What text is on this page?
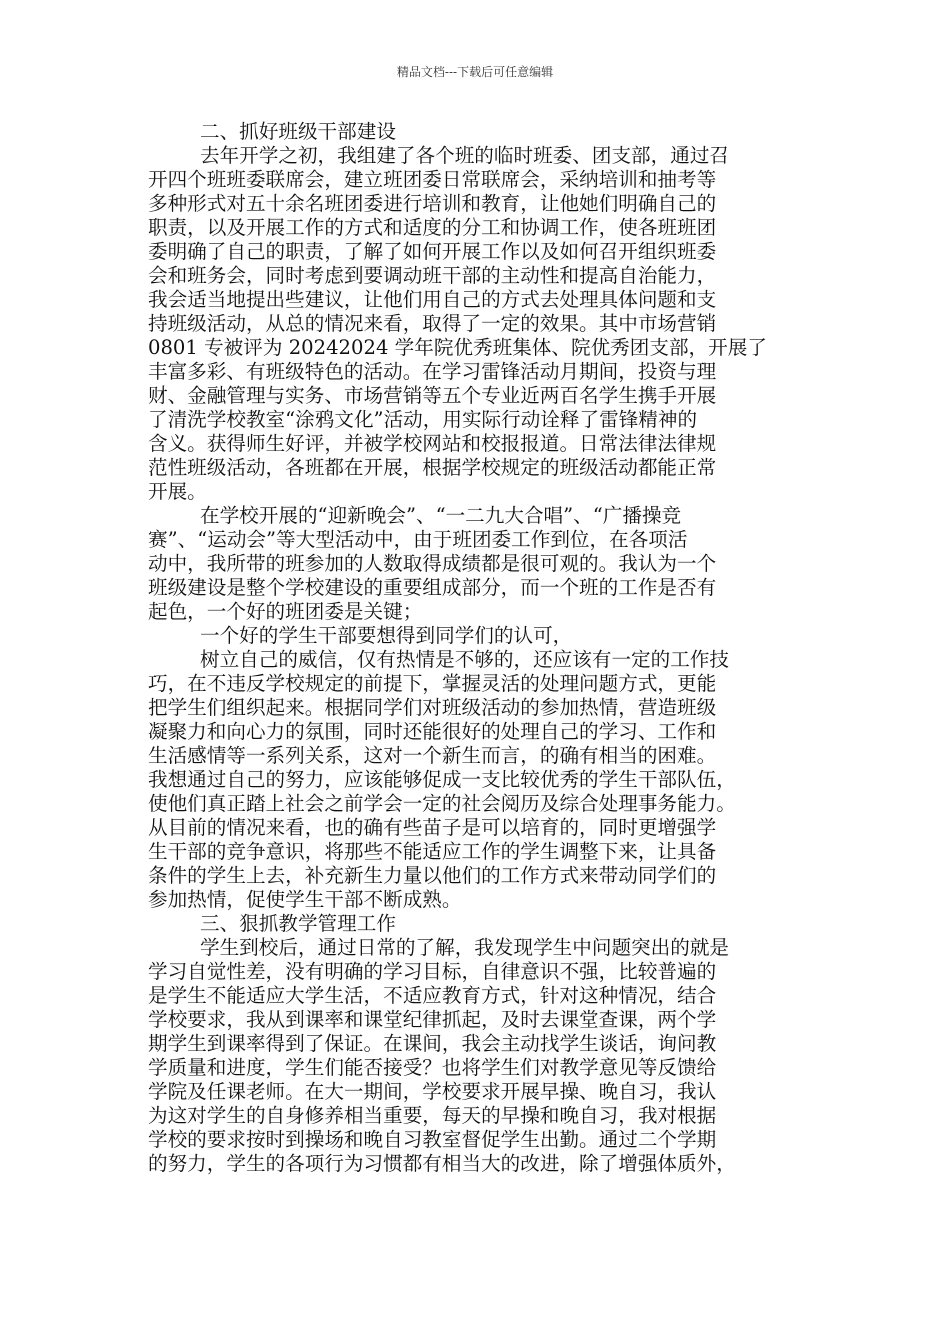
精品文档---下载后可任意编辑
二、抓好班级干部建设
去年开学之初，我组建了各个班的临时班委、团支部，通过召
开四个班班委联席会，建立班团委日常联席会，采纳培训和抽考等
多种形式对五十余名班团委进行培训和教育，让他她们明确自己的
职责，以及开展工作的方式和适度的分工和协调工作，使各班班团
委明确了自己的职责，了解了如何开展工作以及如何召开组织班委
会和班务会，同时考虑到要调动班干部的主动性和提高自治能力，
我会适当地提出些建议，让他们用自己的方式去处理具体问题和支
持班级活动，从总的情况来看，取得了一定的效果。其中市场营销
0801 专被评为 20242024 学年院优秀班集体、院优秀团支部，开展了
丰富多彩、有班级特色的活动。在学习雷锋活动月期间，投资与理
财、金融管理与实务、市场营销等五个专业近两百名学生携手开展
了清洗学校教室“涂鸦文化”活动，用实际行动诠释了雷锋精神的
含义。获得师生好评，并被学校网站和校报报道。日常法律法律规
范性班级活动，各班都在开展，根据学校规定的班级活动都能正常
开展。
在学校开展的“迎新晚会”、“一二九大合唱”、“广播操竞
赛”、“运动会”等大型活动中，由于班团委工作到位，在各项活
动中，我所带的班参加的人数取得成绩都是很可观的。我认为一个
班级建设是整个学校建设的重要组成部分，而一个班的工作是否有
起色，一个好的班团委是关键；
一个好的学生干部要想得到同学们的认可，
树立自己的威信，仅有热情是不够的，还应该有一定的工作技
巧，在不违反学校规定的前提下，掌握灵活的处理问题方式，更能
把学生们组织起来。根据同学们对班级活动的参加热情，营造班级
凝聚力和向心力的氛围，同时还能很好的处理自己的学习、工作和
生活感情等一系列关系，这对一个新生而言，的确有相当的困难。
我想通过自己的努力，应该能够促成一支比较优秀的学生干部队伍，
使他们真正踏上社会之前学会一定的社会阅历及综合处理事务能力。
从目前的情况来看，也的确有些苗子是可以培育的，同时更增强学
生干部的竞争意识，将那些不能适应工作的学生调整下来，让具备
条件的学生上去，补充新生力量以他们的工作方式来带动同学们的
参加热情，促使学生干部不断成熟。
三、狠抓教学管理工作
学生到校后，通过日常的了解，我发现学生中问题突出的就是
学习自觉性差，没有明确的学习目标，自律意识不强，比较普遍的
是学生不能适应大学生活，不适应教育方式，针对这种情况，结合
学校要求，我从到课率和课堂纪律抓起，及时去课堂查课，两个学
期学生到课率得到了保证。在课间，我会主动找学生谈话，询问教
学质量和进度，学生们能否接受？也将学生们对教学意见等反馈给
学院及任课老师。在大一期间，学校要求开展早操、晚自习，我认
为这对学生的自身修养相当重要，每天的早操和晚自习，我对根据
学校的要求按时到操场和晚自习教室督促学生出勤。通过二个学期
的努力，学生的各项行为习惯都有相当大的改进，除了增强体质外，
